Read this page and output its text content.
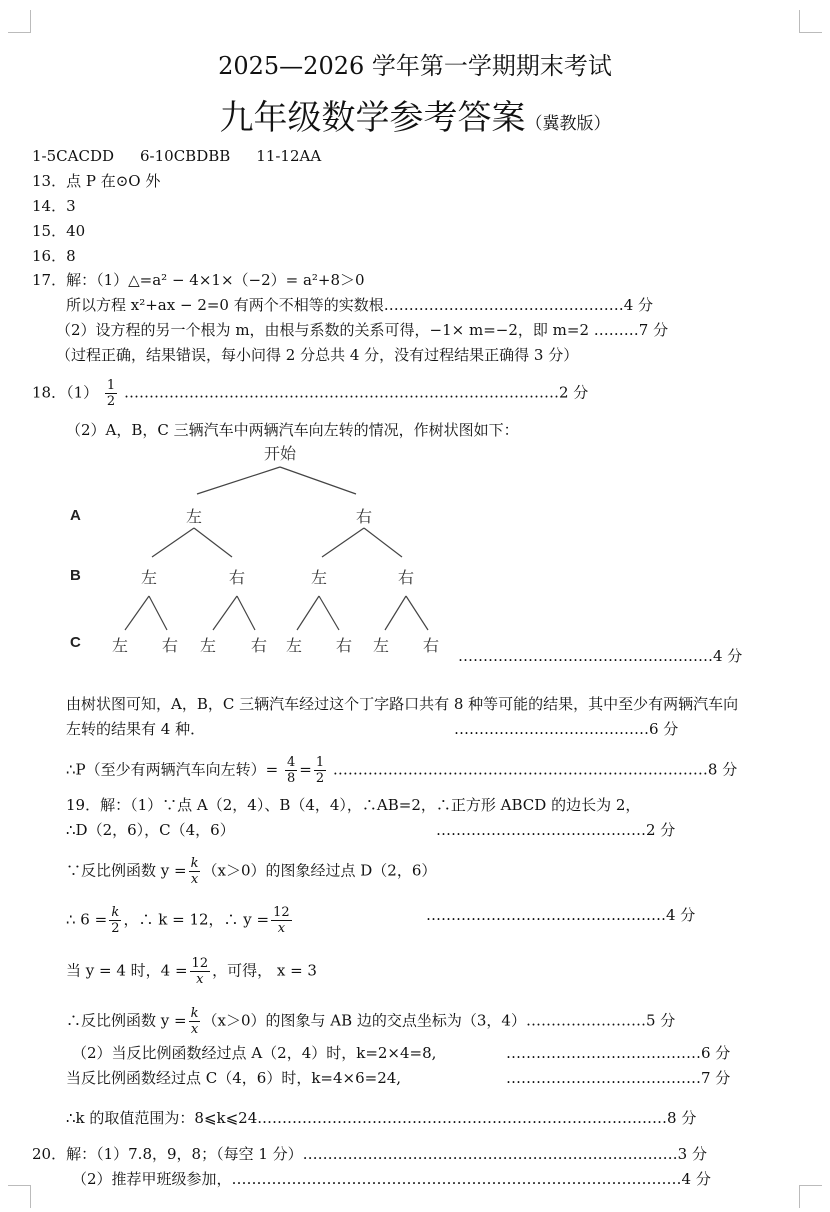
2025—2026 学年第一学期期末考试
九年级数学参考答案（冀教版）
1-5CACDD 6-10CBDBB 11-12AA
13．点 P 在⊙O 外
14．3
15．40
16．8
17．解：（1）△=a² − 4×1×（−2）= a²+8＞0
所以方程 x²+ax − 2=0 有两个不相等的实数根…………………………………………4 分
（2）设方程的另一个根为 m，由根与系数的关系可得，−1× m=−2，即 m=2 ………7 分
（过程正确，结果错误，每小问得 2 分总共 4 分，没有过程结果正确得 3 分）
18．$(1) \frac{1}{2}$ ……………………………………………………………………………2 分
（2）A，B，C 三辆汽车中两辆汽车向左转的情况，作树状图如下：
开始
A
B
C
左	右
左	右	左	右
左 右 左 右 左 右 左 右
……………………………………………4 分
由树状图可知，A，B，C 三辆汽车经过这个丁字路口共有 8 种等可能的结果，其中至少有两辆汽车向
左转的结果有 4 种．	…………………………………6 分
∴P（至少有两辆汽车向左转）= $\frac{4}{8} = \frac{1}{2}$ …………………………………………………………………8 分
19．解：（1）∵点 A（2，4）、B（4，4），∴AB=2，∴正方形 ABCD 的边长为 2，
∴D（2，6），C（4，6）	……………………………………2 分
∵反比例函数 $y = \frac{k}{x} (x>0)$的图象经过点 D（2，6）
∴ $6 = \frac{k}{2}$ ，∴ k = 12，∴ $y = \frac{12}{x}$	…………………………………………4 分
当 y = 4 时，$4 = \frac{12}{x}$ ，可得， x = 3
∴反比例函数 $y = \frac{k}{x} (x>0)$的图象与 AB 边的交点坐标为（3，4）……………………5 分
（2）当反比例函数经过点 A（2，4）时，k=2×4=8,	…………………………………6 分
当反比例函数经过点 C（4，6）时，k=4×6=24,	…………………………………7 分
∴k 的取值范围为：8⩽k⩽24.………………………………………………………………………8 分
20．解：（1）7.8，9，8；（每空 1 分）…………………………………………………………………3 分
（2）推荐甲班级参加，………………………………………………………………………………4 分
